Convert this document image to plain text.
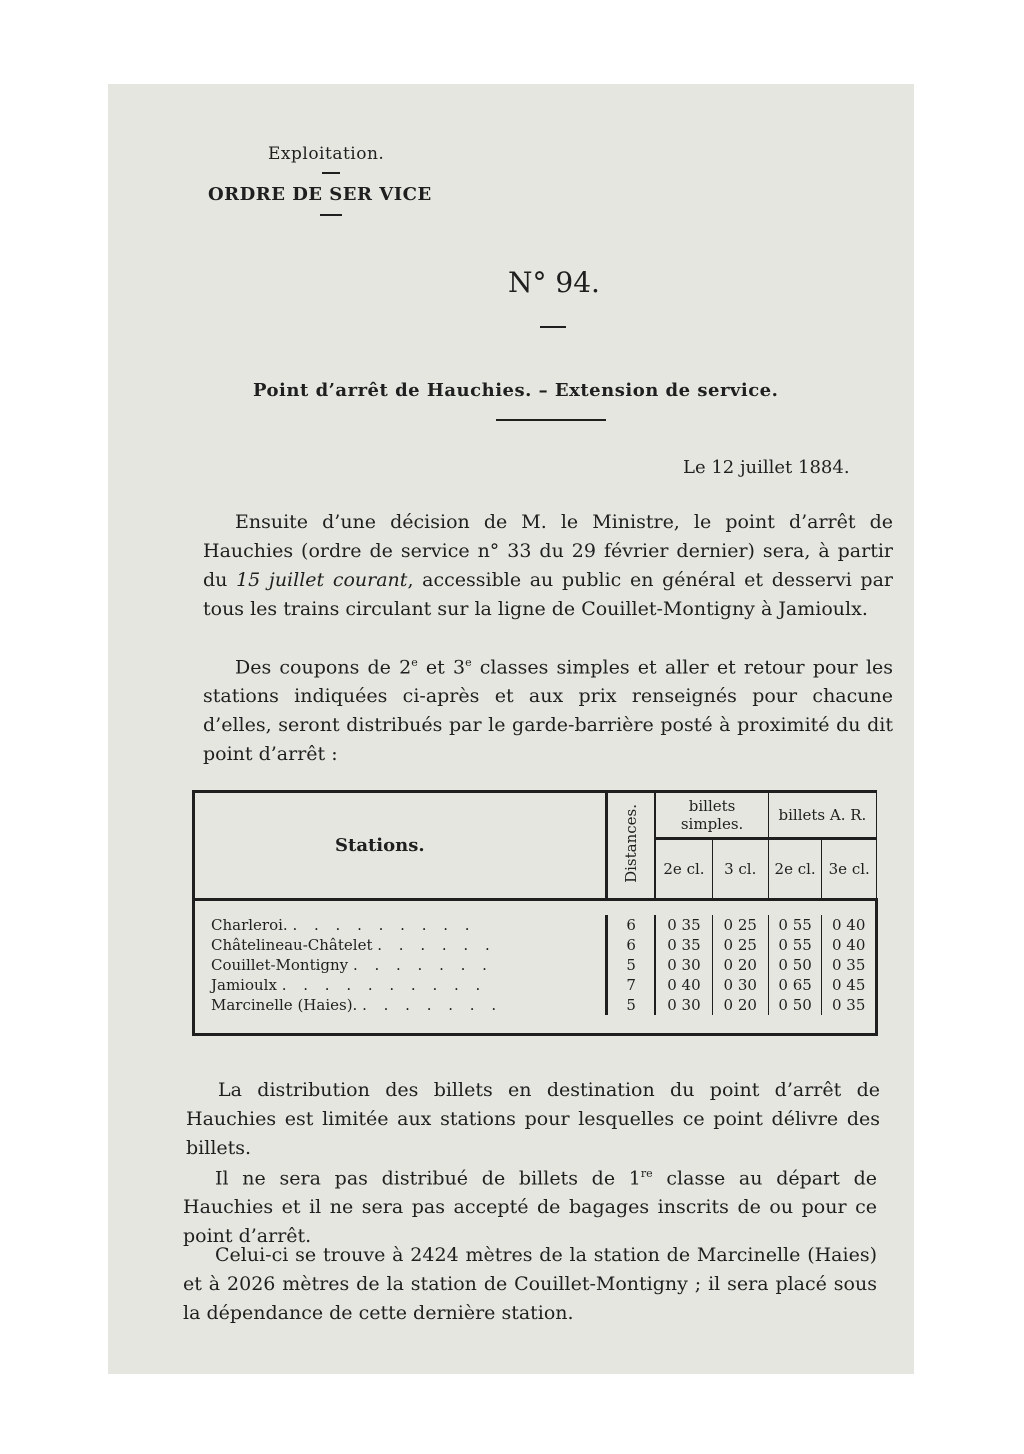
Exploitation.
ORDRE DE SER VICE
N° 94.
Point d’arrêt de Hauchies. – Extension de service.
Le 12 juillet 1884.

Ensuite d’une décision de M. le Ministre, le point d’arrêt de Hauchies (ordre de service n° 33 du 29 février dernier) sera, à partir du 15 juillet courant, accessible au public en général et desservi par tous les trains circulant sur la ligne de Couillet-Montigny à Jamioulx.

Des coupons de 2e et 3e classes simples et aller et retour pour les stations indiquées ci-après et aux prix renseignés pour chacune d’elles, seront distribués par le garde-barrière posté à proximité du dit point d’arrêt :

Stations.	Distances.	billets simples.		billets A. R.	
		2e cl.	3 cl.	2e cl.	3e cl.

Charleroi. . . . . . . . . .	6	0 35	0 25	0 55	0 40
Châtelineau-Châtelet . . . . . .	6	0 35	0 25	0 55	0 40
Couillet-Montigny . . . . . . .	5	0 30	0 20	0 50	0 35
Jamioulx . . . . . . . . . .	7	0 40	0 30	0 65	0 45
Marcinelle (Haies). . . . . . . .	5	0 30	0 20	0 50	0 35

La distribution des billets en destination du point d’arrêt de Hauchies est limitée aux stations pour lesquelles ce point délivre des billets.

Il ne sera pas distribué de billets de 1re classe au départ de Hauchies et il ne sera pas accepté de bagages inscrits de ou pour ce point d’arrêt.

Celui-ci se trouve à 2424 mètres de la station de Marcinelle (Haies) et à 2026 mètres de la station de Couillet-Montigny ; il sera placé sous la dépendance de cette dernière station.
